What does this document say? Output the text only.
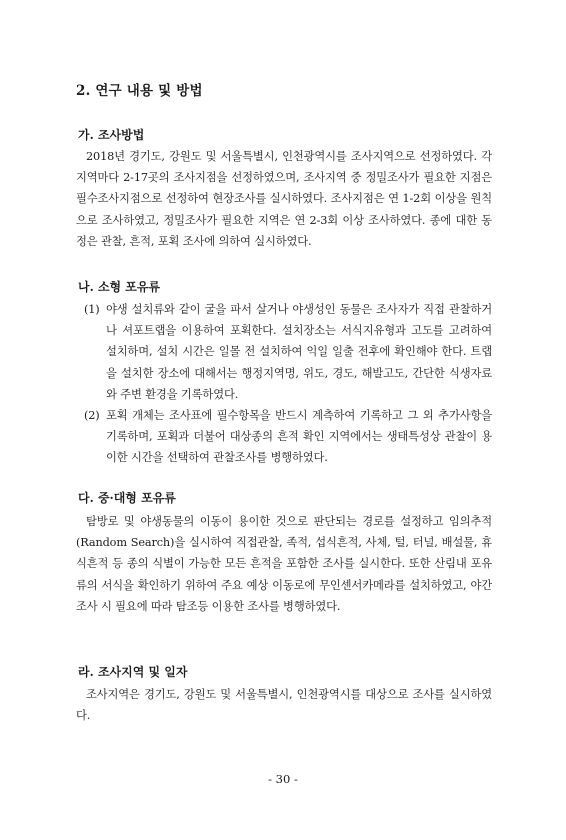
2. 연구 내용 및 방법
가. 조사방법
2018년 경기도, 강원도 및 서울특별시, 인천광역시를 조사지역으로 선정하였다. 각 지역마다 2-17곳의 조사지점을 선정하였으며, 조사지역 중 정밀조사가 필요한 지점은 필수조사지점으로 선정하여 현장조사를 실시하였다. 조사지점은 연 1-2회 이상을 원칙으로 조사하였고, 정밀조사가 필요한 지역은 연 2-3회 이상 조사하였다. 종에 대한 동정은 관찰, 흔적, 포획 조사에 의하여 실시하였다.
나. 소형 포유류
(1) 야생 설치류와 같이 굴을 파서 살거나 야생성인 동물은 조사자가 직접 관찰하거나 셔포트랩을 이용하여 포획한다. 설치장소는 서식지유형과 고도를 고려하여 설치하며, 설치 시간은 일몰 전 설치하여 익일 일출 전후에 확인해야 한다. 트랩을 설치한 장소에 대해서는 행정지역명, 위도, 경도, 해발고도, 간단한 식생자료와 주변 환경을 기록하였다.
(2) 포획 개체는 조사표에 필수항목을 반드시 계측하여 기록하고 그 외 추가사항을 기록하며, 포획과 더불어 대상종의 흔적 확인 지역에서는 생태특성상 관찰이 용이한 시간을 선택하여 관찰조사를 병행하였다.
다. 중·대형 포유류
탐방로 및 야생동물의 이동이 용이한 것으로 판단되는 경로를 설정하고 임의추적(Random Search)을 실시하여 직접관찰, 족적, 섭식흔적, 사체, 털, 터널, 배설물, 휴식흔적 등 종의 식별이 가능한 모든 흔적을 포함한 조사를 실시한다. 또한 산림내 포유류의 서식을 확인하기 위하여 주요 예상 이동로에 무인센서카메라를 설치하였고, 야간조사 시 필요에 따라 탐조등 이용한 조사를 병행하였다.
라. 조사지역 및 일자
조사지역은 경기도, 강원도 및 서울특별시, 인천광역시를 대상으로 조사를 실시하였다.
- 30 -
